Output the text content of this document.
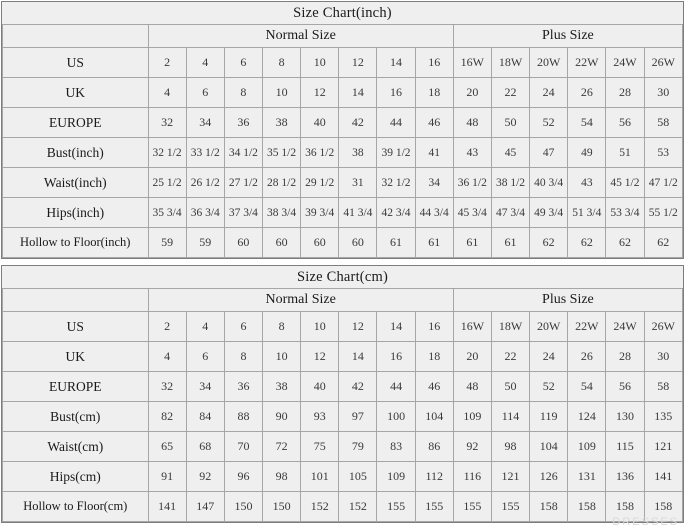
Size Chart(inch)														
	Normal Size								Plus Size					
US	2	4	6	8	10	12	14	16	16W	18W	20W	22W	24W	26W
UK	4	6	8	10	12	14	16	18	20	22	24	26	28	30
EUROPE	32	34	36	38	40	42	44	46	48	50	52	54	56	58
Bust(inch)	32 1/2	33 1/2	34 1/2	35 1/2	36 1/2	38	39 1/2	41	43	45	47	49	51	53
Waist(inch)	25 1/2	26 1/2	27 1/2	28 1/2	29 1/2	31	32 1/2	34	36 1/2	38 1/2	40 3/4	43	45 1/2	47 1/2
Hips(inch)	35 3/4	36 3/4	37 3/4	38 3/4	39 3/4	41 3/4	42 3/4	44 3/4	45 3/4	47 3/4	49 3/4	51 3/4	53 3/4	55 1/2
Hollow to Floor(inch)	59	59	60	60	60	60	61	61	61	61	62	62	62	62
Size Chart(cm)														
	Normal Size								Plus Size					
US	2	4	6	8	10	12	14	16	16W	18W	20W	22W	24W	26W
UK	4	6	8	10	12	14	16	18	20	22	24	26	28	30
EUROPE	32	34	36	38	40	42	44	46	48	50	52	54	56	58
Bust(cm)	82	84	88	90	93	97	100	104	109	114	119	124	130	135
Waist(cm)	65	68	70	72	75	79	83	86	92	98	104	109	115	121
Hips(cm)	91	92	96	98	101	105	109	112	116	121	126	131	136	141
Hollow to Floor(cm)	141	147	150	150	152	152	155	155	155	155	158	158	158	158
DRESSES
